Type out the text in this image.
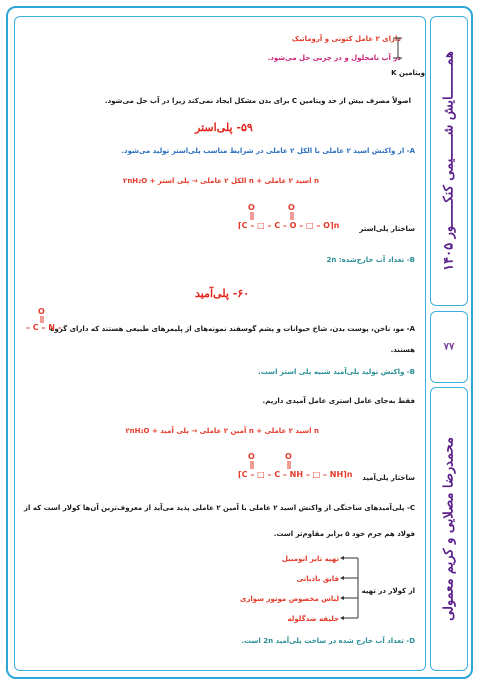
همــــــــایش شــــــیمی کنکــــــور ۱۴۰۵
۷۷
محمدرضا مصلایی و کریم معمولی
دارای ۲ عامل کتونی و آروماتیک
در آب نامحلول و در چربی حل می‌شود.
ویتامین K
اصولاً مصرف بیش از حد ویتامین C برای بدن مشکل ایجاد نمی‌کند زیرا در آب حل می‌شود.
۵۹- پلی‌استر
A- از واکنش اسید ۲ عاملی با الکل ۲ عاملی در شرایط مناسب پلی‌استر تولید می‌شود.
n اسید ۲ عاملی + n الکل ۲ عاملی → پلی استر + ۲nH₂O
O	O
⌈C – □ – C – O – □ – O⌉n	ساختار پلی‌استر
B- تعداد آب خارج‌شده: 2n
۶۰- پلی‌آمید
A- مو، ناخن، پوست بدن، شاخ حیوانات و پشم گوسفند نمونه‌های از پلیمرهای طبیعی هستند که دارای گروه
O
– C – N –
هستند.
B- واکنش تولید پلی‌آمید شبیه پلی استر است.
فقط به‌جای عامل استری عامل آمیدی داریم.
n اسید ۲ عاملی + n آمین ۲ عاملی → پلی آمید + ۲nH₂O
O	O
⌈C – □ – C – NH – □ – NH⌉n ساختار پلی‌آمید
C- پلی‌آمیدهای ساختگی از واکنش اسید ۲ عاملی با آمین ۲ عاملی پدید می‌آید از معروف‌ترین آن‌ها کولار است که از
فولاد هم جرم خود ۵ برابر مقاوم‌تر است.
تهیه تایر اتومبیل
قایق بادبانی
لباس مخصوص موتور سواری
جلیقه ضدگلوله
از کولار در تهیه
D- تعداد آب خارج شده در ساخت پلی‌آمید 2n است.
